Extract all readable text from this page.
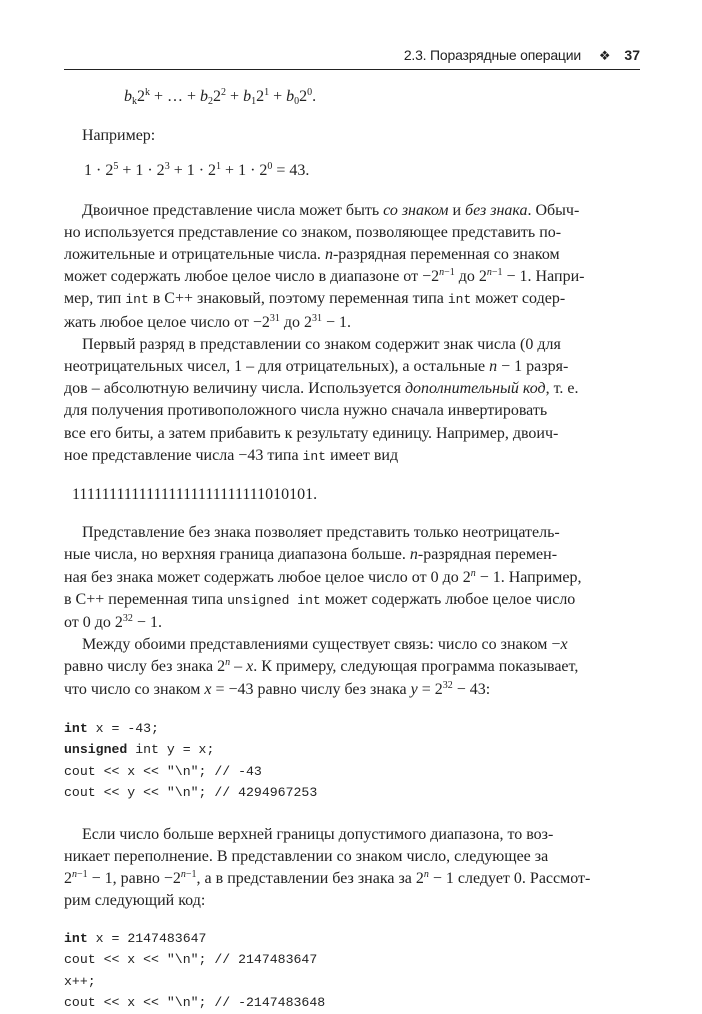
2.3. Поразрядные операции ❖ 37

$b_k2^k$ + … + $b_22^2 + b_12^1 + b_02^0$.

Например:

$1 \cdot 2^5 + 1 \cdot 2^3 + 1 \cdot 2^1 + 1 \cdot 2^0 = 43$.

Двоичное представление числа может быть со знаком и без знака. Обыч-

но используется представление со знаком, позволяющее представить по-

ложительные и отрицательные числа. n-разрядная переменная со знаком

может содержать любое целое число в диапазоне от $-2^{n-1}$ до $2^{n-1} - 1$. Напри-

мер, тип int в C++ знаковый, поэтому переменная типа int может содер-

жать любое целое число от $-2^{31}$ до $2^{31} - 1$.

Первый разряд в представлении со знаком содержит знак числа (0 для

неотрицательных чисел, 1 – для отрицательных), а остальные n − 1 разря-

дов – абсолютную величину числа. Используется дополнительный код, т. е.

для получения противоположного числа нужно сначала инвертировать

все его биты, а затем прибавить к результату единицу. Например, двоич-

ное представление числа −43 типа int имеет вид

11111111111111111111111111010101.

Представление без знака позволяет представить только неотрицатель-

ные числа, но верхняя граница диапазона больше. n-разрядная перемен-

ная без знака может содержать любое целое число от 0 до $2^n - 1$. Например,

в C++ переменная типа unsigned int может содержать любое целое число

от 0 до $2^{32} - 1$.

Между обоими представлениями существует связь: число со знаком −x

равно числу без знака 2$^n$ – x. К примеру, следующая программа показывает,

что число со знаком x = −43 равно числу без знака $y = 2^{32} - 43$:

int x = -43;
unsigned int y = x;
cout << x << "\n"; // -43
cout << y << "\n"; // 4294967253

Если число больше верхней границы допустимого диапазона, то воз-

никает переполнение. В представлении со знаком число, следующее за

$2^{n-1} - 1$, равно $-2^{n-1}$, а в представлении без знака за $2^n - 1$ следует 0. Рассмот-

рим следующий код:

int x = 2147483647
cout << x << "\n"; // 2147483647
x++;
cout << x << "\n"; // -2147483648
